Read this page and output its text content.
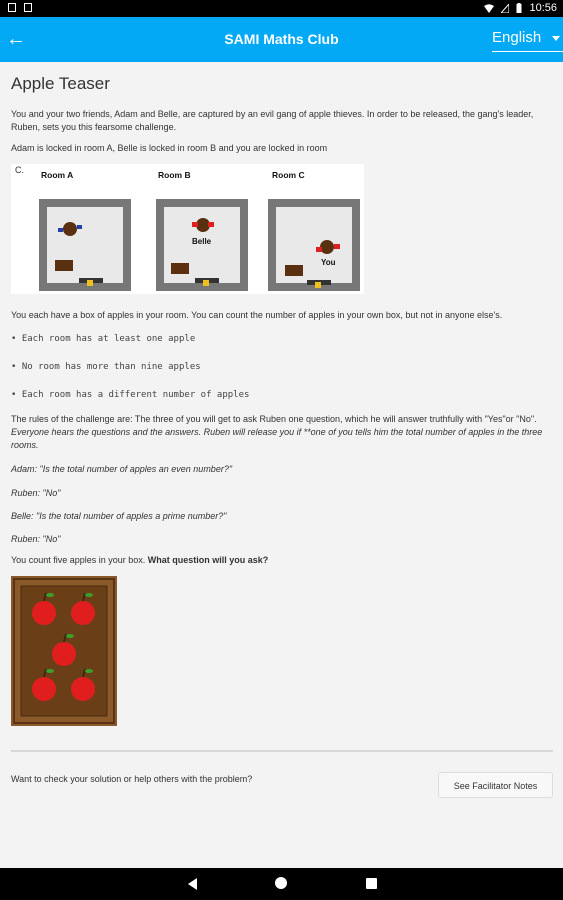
10:56
←	SAMI Maths Club	English
Apple Teaser

You and your two friends, Adam and Belle, are captured by an evil gang of apple thieves. In order to be released, the gang's leader, Ruben, sets you this fearsome challenge.

Adam is locked in room A, Belle is locked in room B and you are locked in room

C. Room A	Room B
Belle
Room C
You

You each have a box of apples in your room. You can count the number of apples in your own box, but not in anyone else's.

• Each room has at least one apple
• No room has more than nine apples
• Each room has a different number of apples

The rules of the challenge are: The three of you will get to ask Ruben one question, which he will answer truthfully with "Yes"or "No". Everyone hears the questions and the answers. Ruben will release you if **one of you tells him the total number of apples in the three rooms.

Adam: "Is the total number of apples an even number?"

Ruben: "No"

Belle: "Is the total number of apples a prime number?"

Ruben: "No"

You count five apples in your box. What question will you ask?

Want to check your solution or help others with the problem?
See Facilitator Notes
